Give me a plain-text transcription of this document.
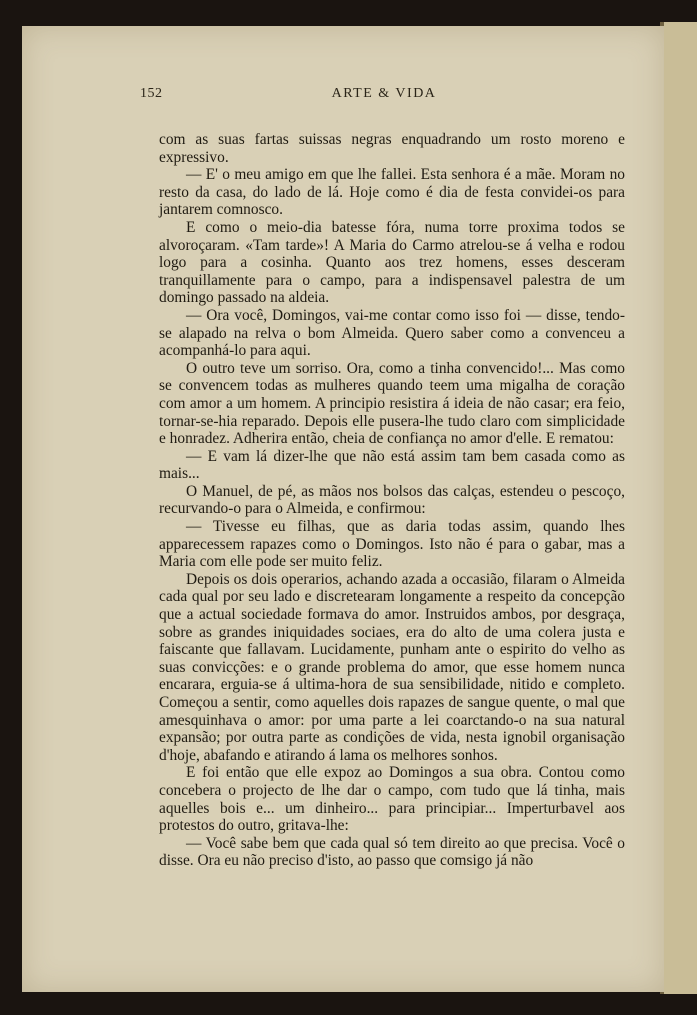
152	ARTE & VIDA

com as suas fartas suissas negras enquadrando um rosto moreno e expressivo.

— E' o meu amigo em que lhe fallei. Esta senhora é a mãe. Moram no resto da casa, do lado de lá. Hoje como é dia de festa convidei-os para jantarem comnosco.

E como o meio-dia batesse fóra, numa torre proxima todos se alvoroçaram. «Tam tarde»! A Maria do Carmo atrelou-se á velha e rodou logo para a cosinha. Quanto aos trez homens, esses desceram tranquillamente para o campo, para a indispensavel palestra de um domingo passado na aldeia.

— Ora você, Domingos, vai-me contar como isso foi — disse, tendo-se alapado na relva o bom Almeida. Quero saber como a convenceu a acompanhá-lo para aqui.

O outro teve um sorriso. Ora, como a tinha convencido!... Mas como se convencem todas as mulheres quando teem uma migalha de coração com amor a um homem. A principio resistira á ideia de não casar; era feio, tornar-se-hia reparado. Depois elle pusera-lhe tudo claro com simplicidade e honradez. Adherira então, cheia de confiança no amor d'elle. E rematou:

— E vam lá dizer-lhe que não está assim tam bem casada como as mais...

O Manuel, de pé, as mãos nos bolsos das calças, estendeu o pescoço, recurvando-o para o Almeida, e confirmou:

— Tivesse eu filhas, que as daria todas assim, quando lhes apparecessem rapazes como o Domingos. Isto não é para o gabar, mas a Maria com elle pode ser muito feliz.

Depois os dois operarios, achando azada a occasião, filaram o Almeida cada qual por seu lado e discretearam longamente a respeito da concepção que a actual sociedade formava do amor. Instruidos ambos, por desgraça, sobre as grandes iniquidades sociaes, era do alto de uma colera justa e faiscante que fallavam. Lucidamente, punham ante o espirito do velho as suas convicções: e o grande problema do amor, que esse homem nunca encarara, erguia-se á ultima-hora de sua sensibilidade, nitido e completo. Começou a sentir, como aquelles dois rapazes de sangue quente, o mal que amesquinhava o amor: por uma parte a lei coarctando-o na sua natural expansão; por outra parte as condições de vida, nesta ignobil organisação d'hoje, abafando e atirando á lama os melhores sonhos.

E foi então que elle expoz ao Domingos a sua obra. Contou como concebera o projecto de lhe dar o campo, com tudo que lá tinha, mais aquelles bois e... um dinheiro... para principiar... Imperturbavel aos protestos do outro, gritava-lhe:

— Você sabe bem que cada qual só tem direito ao que precisa. Você o disse. Ora eu não preciso d'isto, ao passo que comsigo já não
